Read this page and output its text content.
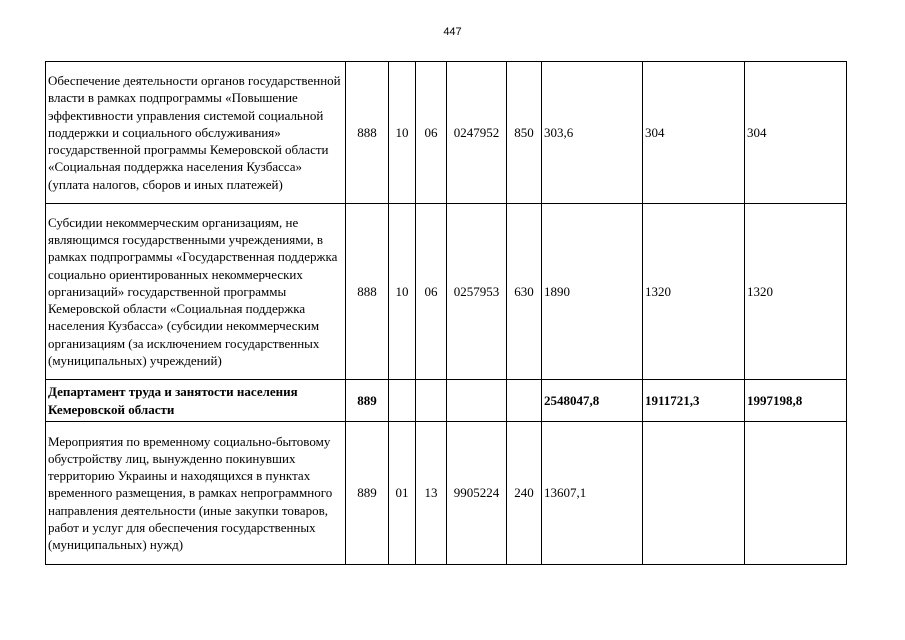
447
Обеспечение деятельности органов государственной власти в рамках подпрограммы «Повышение эффективности управления системой социальной поддержки и социального обслуживания» государственной программы Кемеровской области «Социальная поддержка населения Кузбасса» (уплата налогов, сборов и иных платежей)	888	10	06	0247952	850	303,6	304	304
Субсидии некоммерческим организациям, не являющимся государственными учреждениями, в рамках подпрограммы «Государственная поддержка социально ориентированных некоммерческих организаций» государственной программы Кемеровской области «Социальная поддержка населения Кузбасса» (субсидии некоммерческим организациям (за исключением государственных (муниципальных) учреждений)	888	10	06	0257953	630	1890	1320	1320
Департамент труда и занятости населения Кемеровской области	889					2548047,8	1911721,3	1997198,8
Мероприятия по временному социально-бытовому обустройству лиц, вынужденно покинувших территорию Украины и находящихся в пунктах временного размещения, в рамках непрограммного направления деятельности (иные закупки товаров, работ и услуг для обеспечения государственных (муниципальных) нужд)	889	01	13	9905224	240	13607,1		
